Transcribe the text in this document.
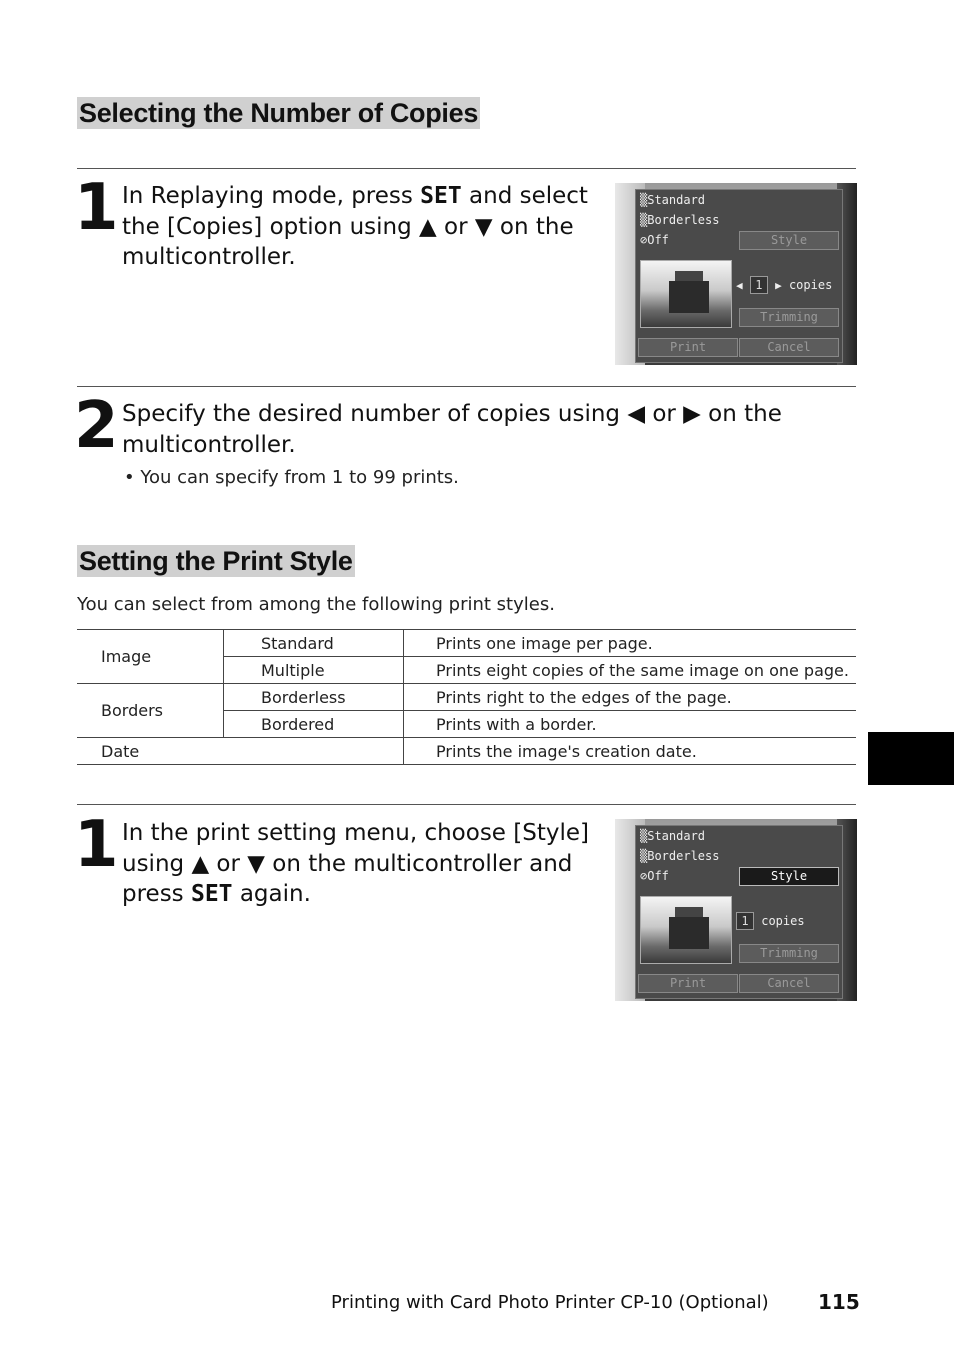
Selecting the Number of Copies
1 In Replaying mode, press SET and select the [Copies] option using ▲ or ▼ on the multicontroller.
▒Standard
▒Borderless
⊘Off	Style
◀ 1 ▶ copies
Trimming
Print	Cancel
2 Specify the desired number of copies using ◀ or ▶ on the multicontroller.
• You can specify from 1 to 99 prints.
Setting the Print Style
You can select from among the following print styles.
Image	Standard	Prints one image per page.
	Multiple	Prints eight copies of the same image on one page.
Borders	Borderless	Prints right to the edges of the page.
	Bordered	Prints with a border.
Date		Prints the image's creation date.
1 In the print setting menu, choose [Style] using ▲ or ▼ on the multicontroller and press SET again.
▒Standard
▒Borderless
⊘Off	Style
1 copies
Trimming
Print	Cancel
Printing with Card Photo Printer CP-10 (Optional) 115
